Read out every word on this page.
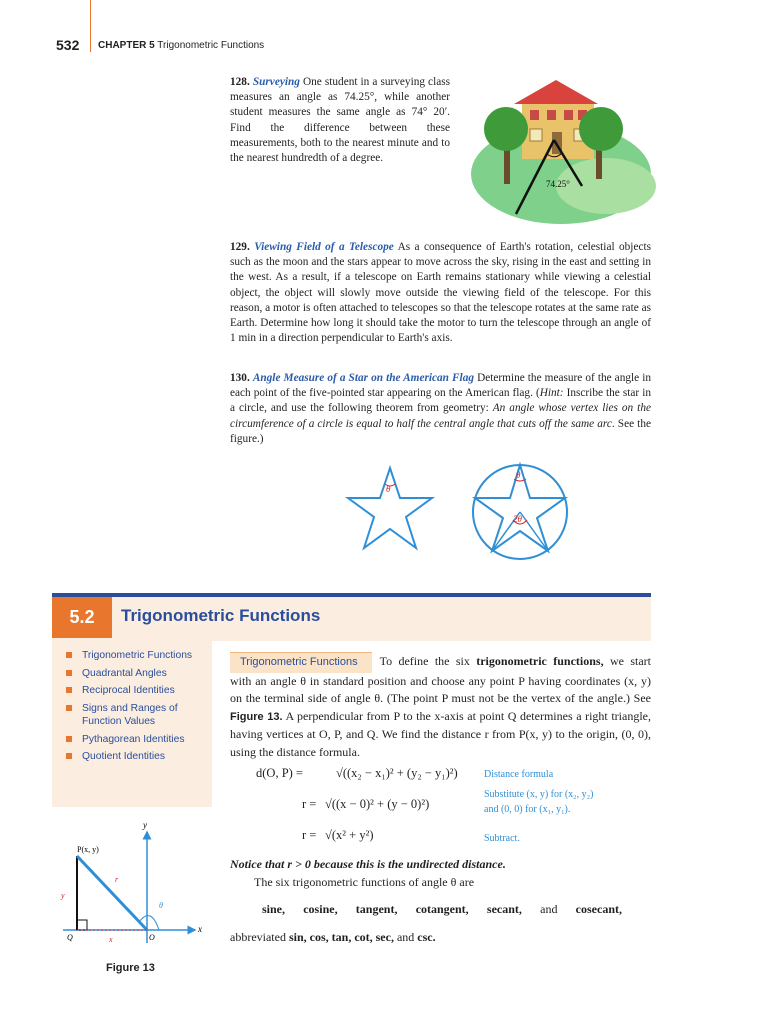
532 CHAPTER 5 Trigonometric Functions
128. Surveying One student in a surveying class measures an angle as 74.25°, while another student measures the same angle as 74° 20′. Find the difference between these measurements, both to the nearest minute and to the nearest hundredth of a degree.
74.25°
129. Viewing Field of a Telescope As a consequence of Earth's rotation, celestial objects such as the moon and the stars appear to move across the sky, rising in the east and setting in the west. As a result, if a telescope on Earth remains stationary while viewing a celestial object, the object will slowly move outside the viewing field of the telescope. For this reason, a motor is often attached to telescopes so that the telescope rotates at the same rate as Earth. Determine how long it should take the motor to turn the telescope through an angle of 1 min in a direction perpendicular to Earth's axis.
130. Angle Measure of a Star on the American Flag Determine the measure of the angle in each point of the five-pointed star appearing on the American flag. (Hint: Inscribe the star in a circle, and use the following theorem from geometry: An angle whose vertex lies on the circumference of a circle is equal to half the central angle that cuts off the same arc. See the figure.)
θ
θ
2θ
5.2	Trigonometric Functions
Trigonometric Functions
Quadrantal Angles
Reciprocal Identities
Signs and Ranges of Function Values
Pythagorean Identities
Quotient Identities
Trigonometric Functions To define the six trigonometric functions, we start with an angle θ in standard position and choose any point P having coordinates (x, y) on the terminal side of angle θ. (The point P must not be the vertex of the angle.) See Figure 13. A perpendicular from P to the x-axis at point Q determines a right triangle, having vertices at O, P, and Q. We find the distance r from P(x, y) to the origin, (0, 0), using the distance formula.
d(O, P) =	√((x₂ − x₁)² + (y₂ − y₁)²)	Distance formula
r = √((x − 0)² + (y − 0)²)
Substitute (x, y) for (x₂, y₂)
and (0, 0) for (x₁, y₁).
r = √(x² + y²)	Subtract.
Notice that r > 0 because this is the undirected distance.
The six trigonometric functions of angle θ are
sine, cosine, tangent, cotangent, secant, and cosecant,
abbreviated sin, cos, tan, cot, sec, and csc.
y
x
θ
P(x, y)
r
y
x
Q	O
Figure 13
